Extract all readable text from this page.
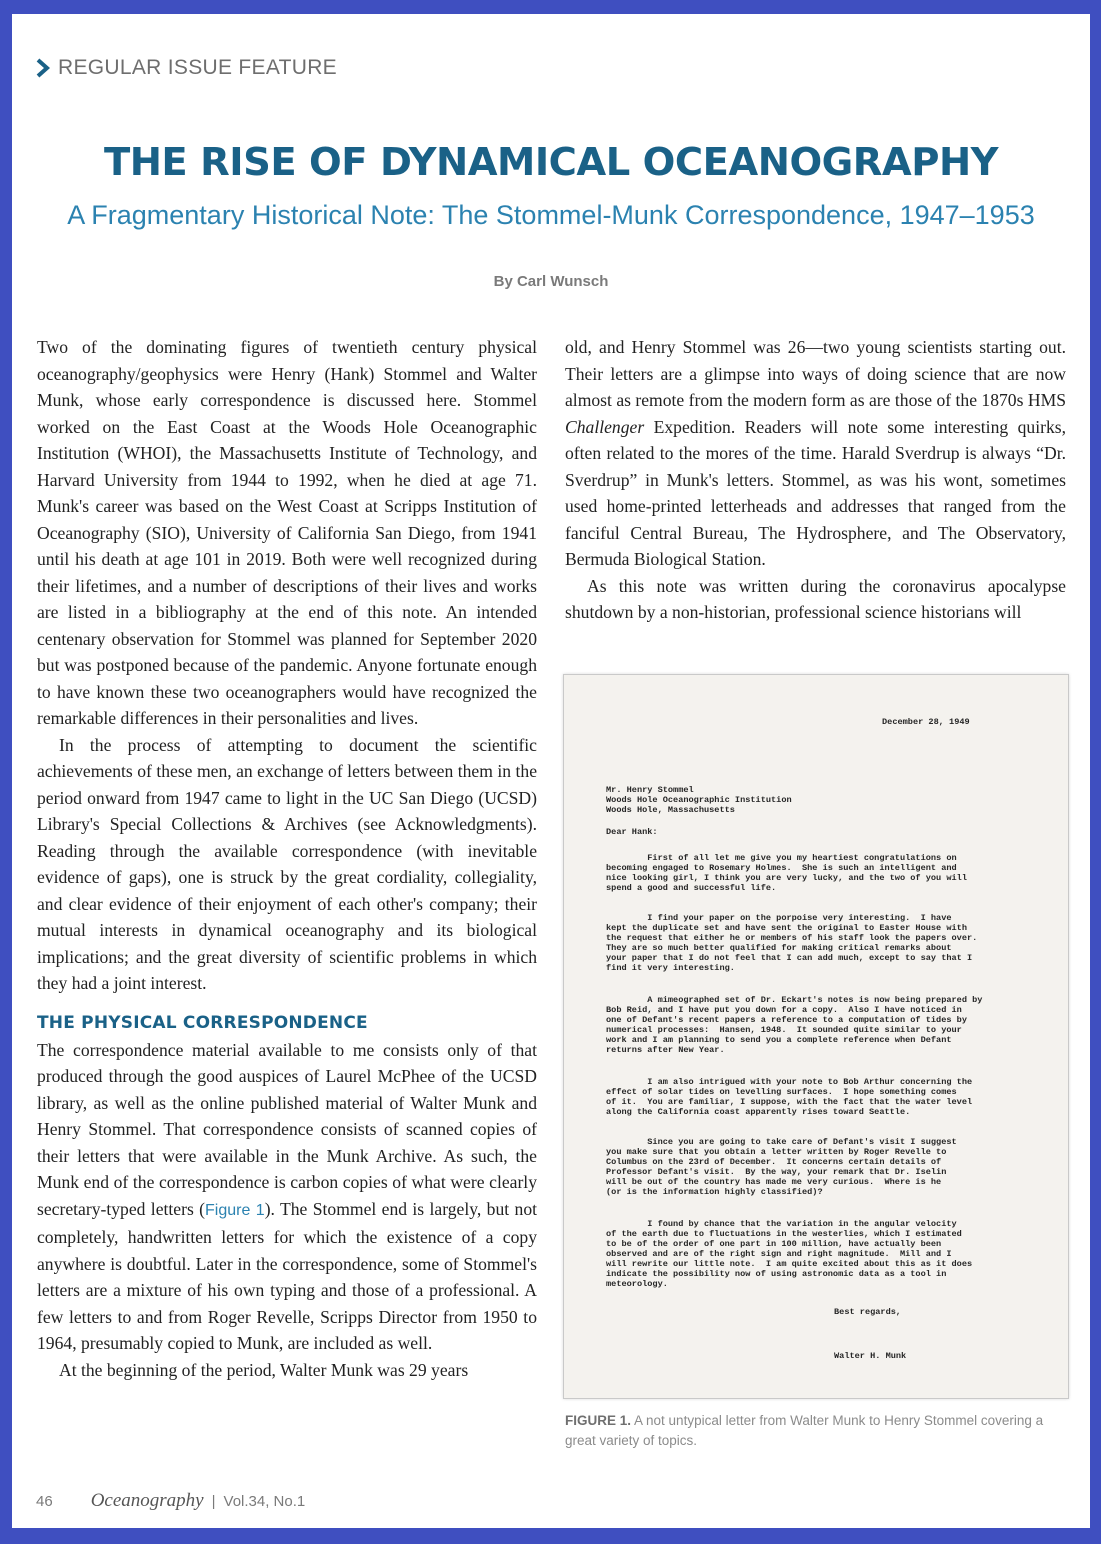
REGULAR ISSUE FEATURE
THE RISE OF DYNAMICAL OCEANOGRAPHY
A Fragmentary Historical Note: The Stommel-Munk Correspondence, 1947–1953
By Carl Wunsch

Two of the dominating figures of twentieth century physical oceanography/geophysics were Henry (Hank) Stommel and Walter Munk, whose early correspondence is discussed here. Stommel worked on the East Coast at the Woods Hole Oceanographic Institution (WHOI), the Massachusetts Institute of Technology, and Harvard University from 1944 to 1992, when he died at age 71. Munk's career was based on the West Coast at Scripps Institution of Oceanography (SIO), University of California San Diego, from 1941 until his death at age 101 in 2019. Both were well recognized during their lifetimes, and a number of descriptions of their lives and works are listed in a bibliography at the end of this note. An intended centenary observation for Stommel was planned for September 2020 but was postponed because of the pandemic. Anyone fortunate enough to have known these two oceanographers would have recognized the remarkable differences in their personalities and lives.

In the process of attempting to document the scientific achievements of these men, an exchange of letters between them in the period onward from 1947 came to light in the UC San Diego (UCSD) Library's Special Collections & Archives (see Acknowledgments). Reading through the available correspondence (with inevitable evidence of gaps), one is struck by the great cordiality, collegiality, and clear evidence of their enjoyment of each other's company; their mutual interests in dynamical oceanography and its biological implications; and the great diversity of scientific problems in which they had a joint interest.

THE PHYSICAL CORRESPONDENCE

The correspondence material available to me consists only of that produced through the good auspices of Laurel McPhee of the UCSD library, as well as the online published material of Walter Munk and Henry Stommel. That correspondence consists of scanned copies of their letters that were available in the Munk Archive. As such, the Munk end of the correspondence is carbon copies of what were clearly secretary-typed letters (Figure 1). The Stommel end is largely, but not completely, handwritten letters for which the existence of a copy anywhere is doubtful. Later in the correspondence, some of Stommel's letters are a mixture of his own typing and those of a professional. A few letters to and from Roger Revelle, Scripps Director from 1950 to 1964, presumably copied to Munk, are included as well.

At the beginning of the period, Walter Munk was 29 years

old, and Henry Stommel was 26—two young scientists starting out. Their letters are a glimpse into ways of doing science that are now almost as remote from the modern form as are those of the 1870s HMS Challenger Expedition. Readers will note some interesting quirks, often related to the mores of the time. Harald Sverdrup is always “Dr. Sverdrup” in Munk's letters. Stommel, as was his wont, sometimes used home-printed letterheads and addresses that ranged from the fanciful Central Bureau, The Hydrosphere, and The Observatory, Bermuda Biological Station.

As this note was written during the coronavirus apocalypse shutdown by a non-historian, professional science historians will

December 28, 1949
Mr. Henry Stommel
Woods Hole Oceanographic Institution
Woods Hole, Massachusetts
Dear Hank:
First of all let me give you my heartiest congratulations on
becoming engaged to Rosemary Holmes.  She is such an intelligent and
nice looking girl, I think you are very lucky, and the two of you will
spend a good and successful life.
I find your paper on the porpoise very interesting.  I have
kept the duplicate set and have sent the original to Easter House with
the request that either he or members of his staff look the papers over.
They are so much better qualified for making critical remarks about
your paper that I do not feel that I can add much, except to say that I
find it very interesting.
A mimeographed set of Dr. Eckart's notes is now being prepared by
Bob Reid, and I have put you down for a copy.  Also I have noticed in
one of Defant's recent papers a reference to a computation of tides by
numerical processes:  Hansen, 1948.  It sounded quite similar to your
work and I am planning to send you a complete reference when Defant
returns after New Year.
I am also intrigued with your note to Bob Arthur concerning the
effect of solar tides on levelling surfaces.  I hope something comes
of it.  You are familiar, I suppose, with the fact that the water level
along the California coast apparently rises toward Seattle.
Since you are going to take care of Defant's visit I suggest
you make sure that you obtain a letter written by Roger Revelle to
Columbus on the 23rd of December.  It concerns certain details of
Professor Defant's visit.  By the way, your remark that Dr. Iselin
will be out of the country has made me very curious.  Where is he
(or is the information highly classified)?
I found by chance that the variation in the angular velocity
of the earth due to fluctuations in the westerlies, which I estimated
to be of the order of one part in 100 million, have actually been
observed and are of the right sign and right magnitude.  Mill and I
will rewrite our little note.  I am quite excited about this as it does
indicate the possibility now of using astronomic data as a tool in
meteorology.
Best regards,
Walter H. Munk
FIGURE 1. A not untypical letter from Walter Munk to Henry Stommel covering a great variety of topics.
46 Oceanography | Vol.34, No.1
